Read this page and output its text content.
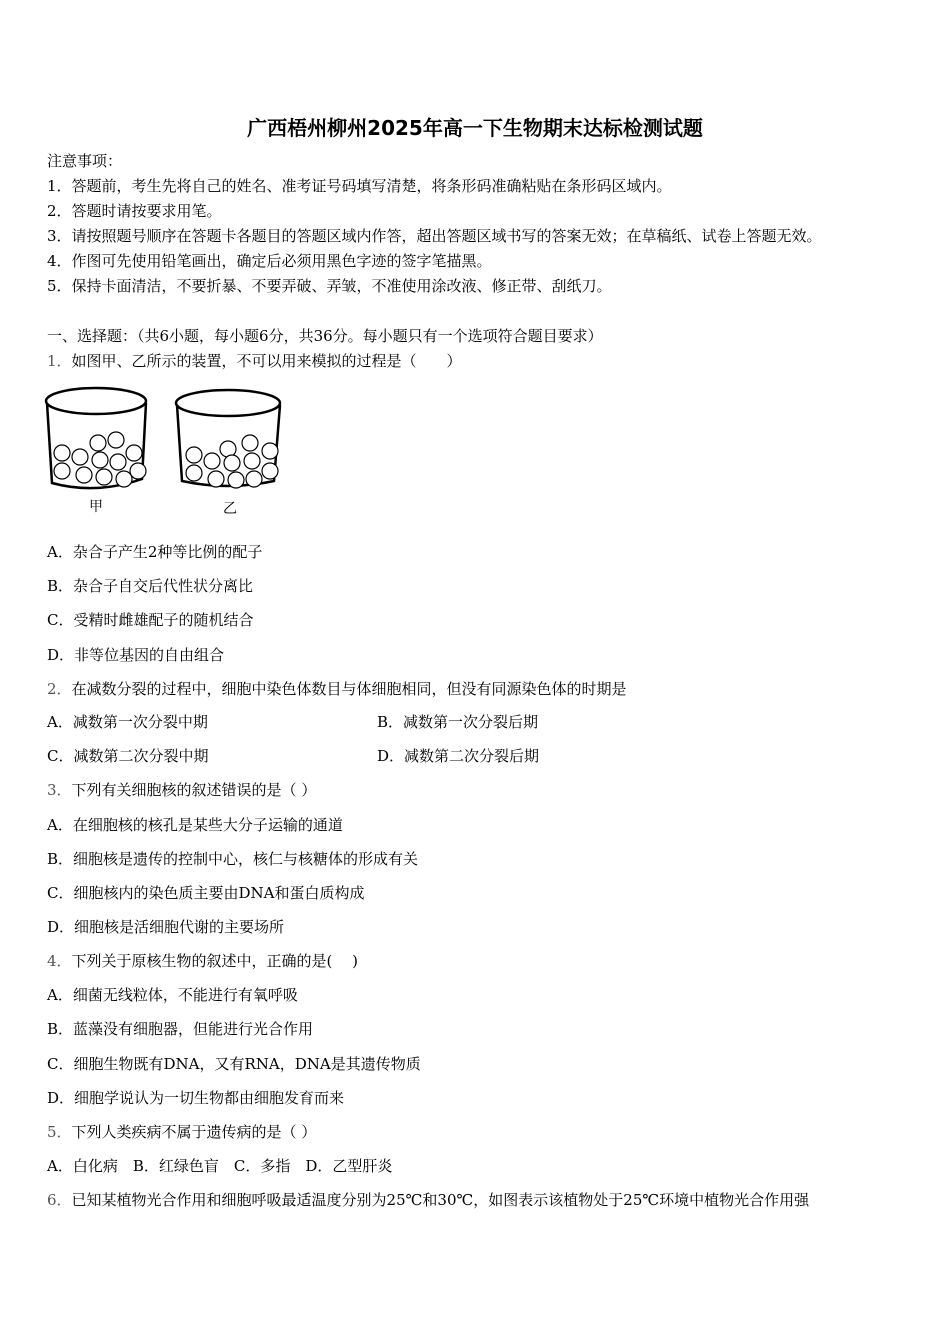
广西梧州柳州2025年高一下生物期末达标检测试题
注意事项：
1．答题前，考生先将自己的姓名、准考证号码填写清楚，将条形码准确粘贴在条形码区域内。
2．答题时请按要求用笔。
3．请按照题号顺序在答题卡各题目的答题区域内作答，超出答题区域书写的答案无效；在草稿纸、试卷上答题无效。
4．作图可先使用铅笔画出，确定后必须用黑色字迹的签字笔描黑。
5．保持卡面清洁，不要折暴、不要弄破、弄皱，不准使用涂改液、修正带、刮纸刀。
一、选择题：（共6小题，每小题6分，共36分。每小题只有一个选项符合题目要求）
1．如图甲、乙所示的装置，不可以用来模拟的过程是（　　）
甲	乙
A．杂合子产生2种等比例的配子
B．杂合子自交后代性状分离比
C．受精时雌雄配子的随机结合
D．非等位基因的自由组合
2．在减数分裂的过程中，细胞中染色体数目与体细胞相同，但没有同源染色体的时期是
A．减数第一次分裂中期	B．减数第一次分裂后期
C．减数第二次分裂中期	D．减数第二次分裂后期
3．下列有关细胞核的叙述错误的是（ ）
A．在细胞核的核孔是某些大分子运输的通道
B．细胞核是遗传的控制中心，核仁与核糖体的形成有关
C．细胞核内的染色质主要由DNA和蛋白质构成
D．细胞核是活细胞代谢的主要场所
4．下列关于原核生物的叙述中，正确的是(　 )
A．细菌无线粒体，不能进行有氧呼吸
B．蓝藻没有细胞器，但能进行光合作用
C．细胞生物既有DNA，又有RNA，DNA是其遗传物质
D．细胞学说认为一切生物都由细胞发育而来
5．下列人类疾病不属于遗传病的是（ ）
A．白化病　B．红绿色盲　C．多指　D．乙型肝炎
6．已知某植物光合作用和细胞呼吸最适温度分别为25℃和30℃，如图表示该植物处于25℃环境中植物光合作用强
